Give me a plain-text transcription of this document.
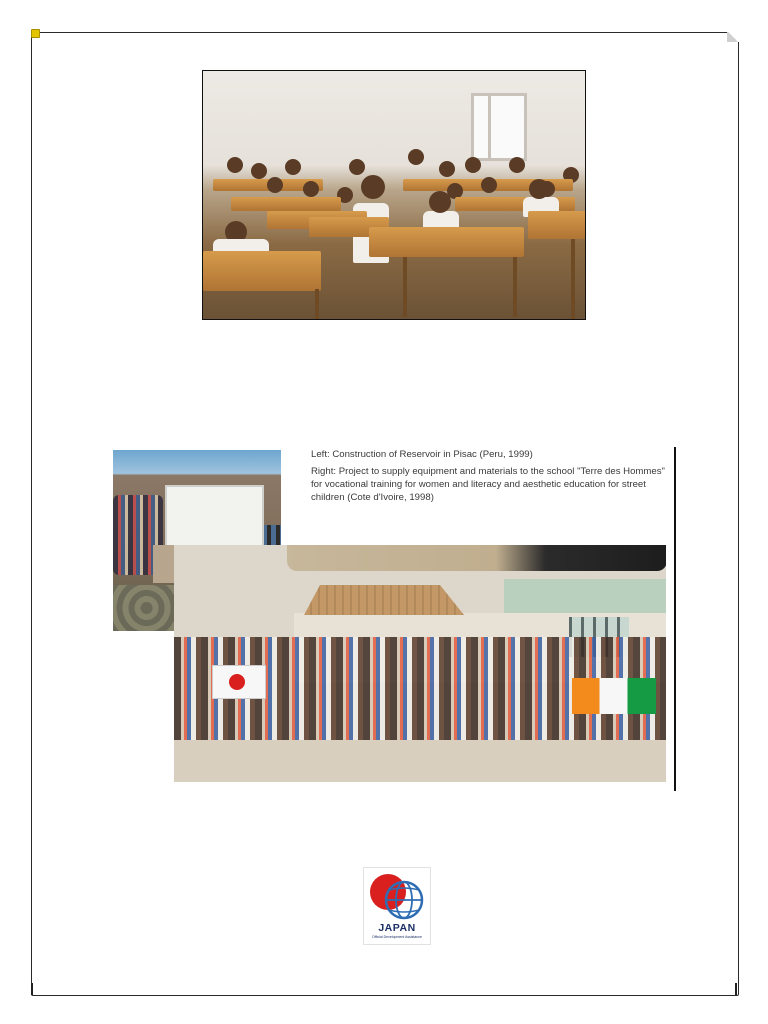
Left: Construction of Reservoir in Pisac (Peru, 1999)

Right: Project to supply equipment and materials to the school "Terre des Hommes" for vocational training for women and literacy and aesthetic education for street children (Cote d'Ivoire, 1998)

JAPAN
Official Development Assistance
